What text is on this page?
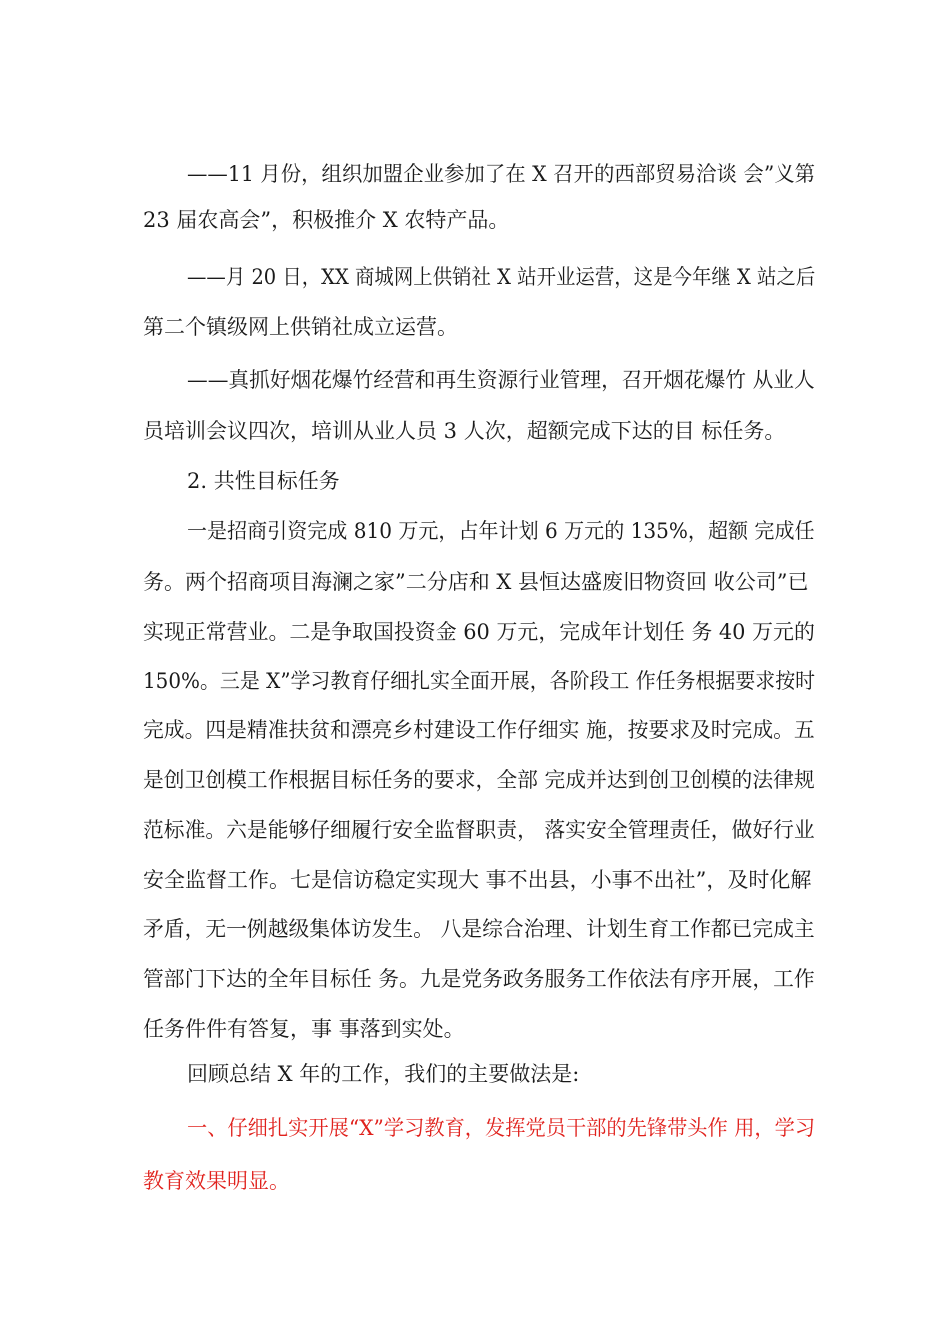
——11 月份，组织加盟企业参加了在 X 召开的西部贸易洽谈 会”义第
23 届农高会”，积极推介 X 农特产品。
——月 20 日，XX 商城网上供销社 X 站开业运营，这是今年继 X 站之后
第二个镇级网上供销社成立运营。
——真抓好烟花爆竹经营和再生资源行业管理，召开烟花爆竹 从业人
员培训会议四次，培训从业人员 3 人次，超额完成下达的目 标任务。
2. 共性目标任务
一是招商引资完成 810 万元，占年计划 6 万元的 135%，超额 完成任
务。两个招商项目海澜之家”二分店和 X 县恒达盛废旧物资回 收公司”已
实现正常营业。二是争取国投资金 60 万元，完成年计划任 务 40 万元的
150%。三是 X”学习教育仔细扎实全面开展，各阶段工 作任务根据要求按时
完成。四是精准扶贫和漂亮乡村建设工作仔细实 施，按要求及时完成。五
是创卫创模工作根据目标任务的要求，全部 完成并达到创卫创模的法律规
范标准。六是能够仔细履行安全监督职责， 落实安全管理责任，做好行业
安全监督工作。七是信访稳定实现大 事不出县，小事不出社”，及时化解
矛盾，无一例越级集体访发生。 八是综合治理、计划生育工作都已完成主
管部门下达的全年目标任 务。九是党务政务服务工作依法有序开展，工作
任务件件有答复，事 事落到实处。
回顾总结 X 年的工作，我们的主要做法是:
一、仔细扎实开展“X”学习教育，发挥党员干部的先锋带头作 用，学习
教育效果明显。
